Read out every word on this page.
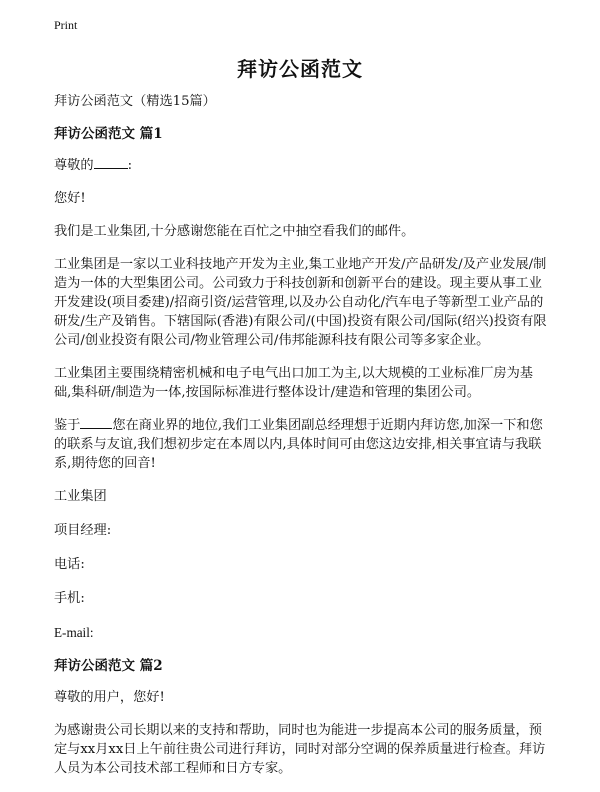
Print
拜访公函范文

拜访公函范文（精选15篇）

拜访公函范文 篇1

尊敬的	:

您好!

我们是工业集团,十分感谢您能在百忙之中抽空看我们的邮件。

工业集团是一家以工业科技地产开发为主业,集工业地产开发/产品研发/及产业发展/制造为一体的大型集团公司。公司致力于科技创新和创新平台的建设。现主要从事工业开发建设(项目委建)/招商引资/运营管理,以及办公自动化/汽车电子等新型工业产品的研发/生产及销售。下辖国际(香港)有限公司/(中国)投资有限公司/国际(绍兴)投资有限公司/创业投资有限公司/物业管理公司/伟邦能源科技有限公司等多家企业。

工业集团主要围绕精密机械和电子电气出口加工为主,以大规模的工业标准厂房为基础,集科研/制造为一体,按国际标准进行整体设计/建造和管理的集团公司。

鉴于 您在商业界的地位,我们工业集团副总经理想于近期内拜访您,加深一下和您的联系与友谊,我们想初步定在本周以内,具体时间可由您这边安排,相关事宜请与我联系,期待您的回音!

工业集团

项目经理:

电话:

手机:

E-mail:

拜访公函范文 篇2

尊敬的用户，您好!

为感谢贵公司长期以来的支持和帮助，同时也为能进一步提高本公司的服务质量，预定与xx月xx日上午前往贵公司进行拜访，同时对部分空调的保养质量进行检查。拜访人员为本公司技术部工程师和日方专家。
